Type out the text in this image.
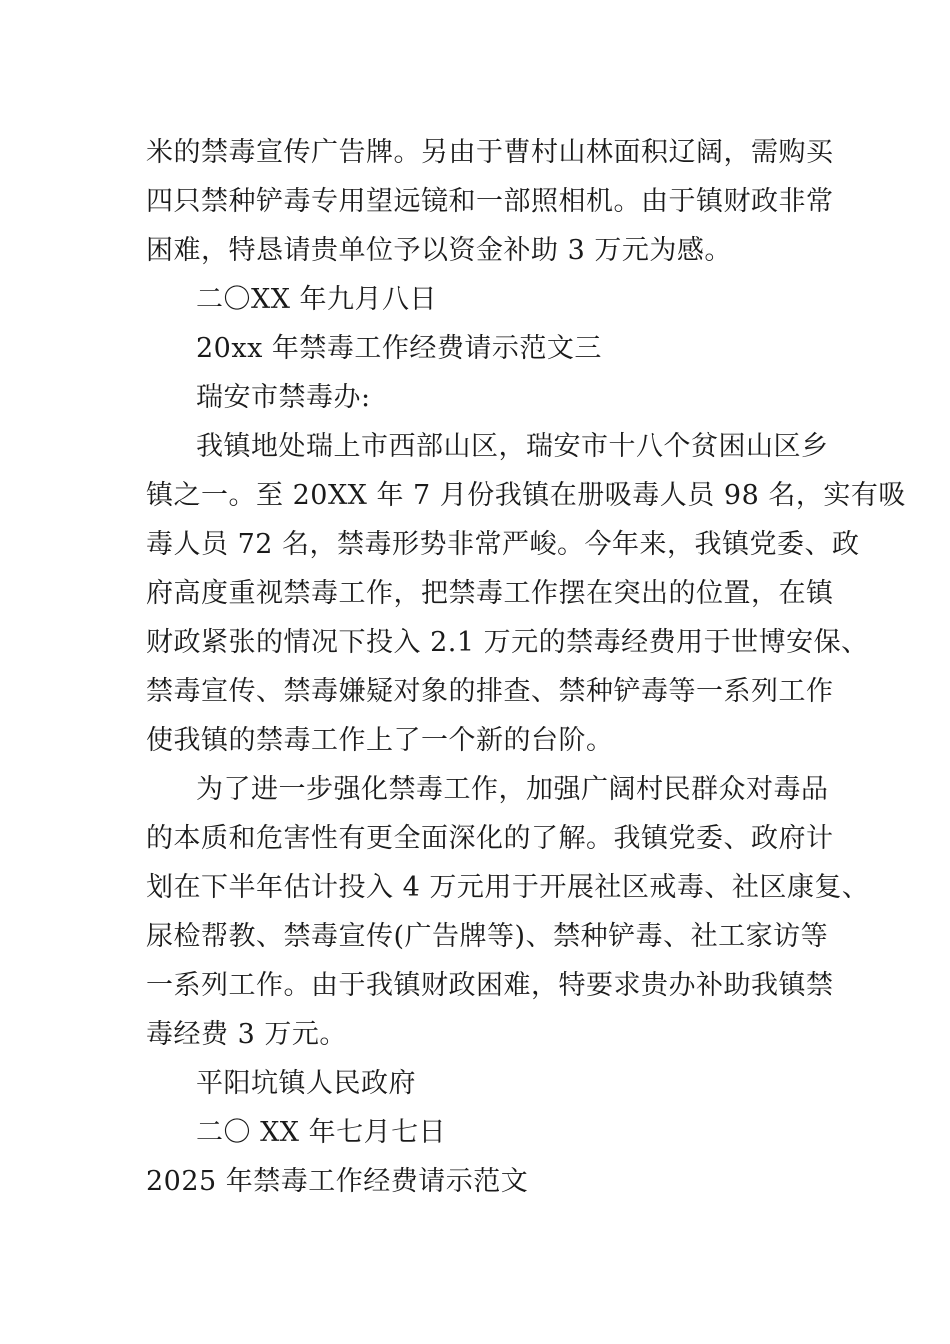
米的禁毒宣传广告牌。另由于曹村山林面积辽阔，需购买
四只禁种铲毒专用望远镜和一部照相机。由于镇财政非常
困难，特恳请贵单位予以资金补助 3 万元为感。
二〇XX 年九月八日
20xx 年禁毒工作经费请示范文三
瑞安市禁毒办:
我镇地处瑞上市西部山区，瑞安市十八个贫困山区乡
镇之一。至 20XX 年 7 月份我镇在册吸毒人员 98 名，实有吸
毒人员 72 名，禁毒形势非常严峻。今年来，我镇党委、政
府高度重视禁毒工作，把禁毒工作摆在突出的位置，在镇
财政紧张的情况下投入 2.1 万元的禁毒经费用于世博安保、
禁毒宣传、禁毒嫌疑对象的排查、禁种铲毒等一系列工作
使我镇的禁毒工作上了一个新的台阶。
为了进一步强化禁毒工作，加强广阔村民群众对毒品
的本质和危害性有更全面深化的了解。我镇党委、政府计
划在下半年估计投入 4 万元用于开展社区戒毒、社区康复、
尿检帮教、禁毒宣传(广告牌等)、禁种铲毒、社工家访等
一系列工作。由于我镇财政困难，特要求贵办补助我镇禁
毒经费 3 万元。
平阳坑镇人民政府
二〇 XX 年七月七日
2025 年禁毒工作经费请示范文
